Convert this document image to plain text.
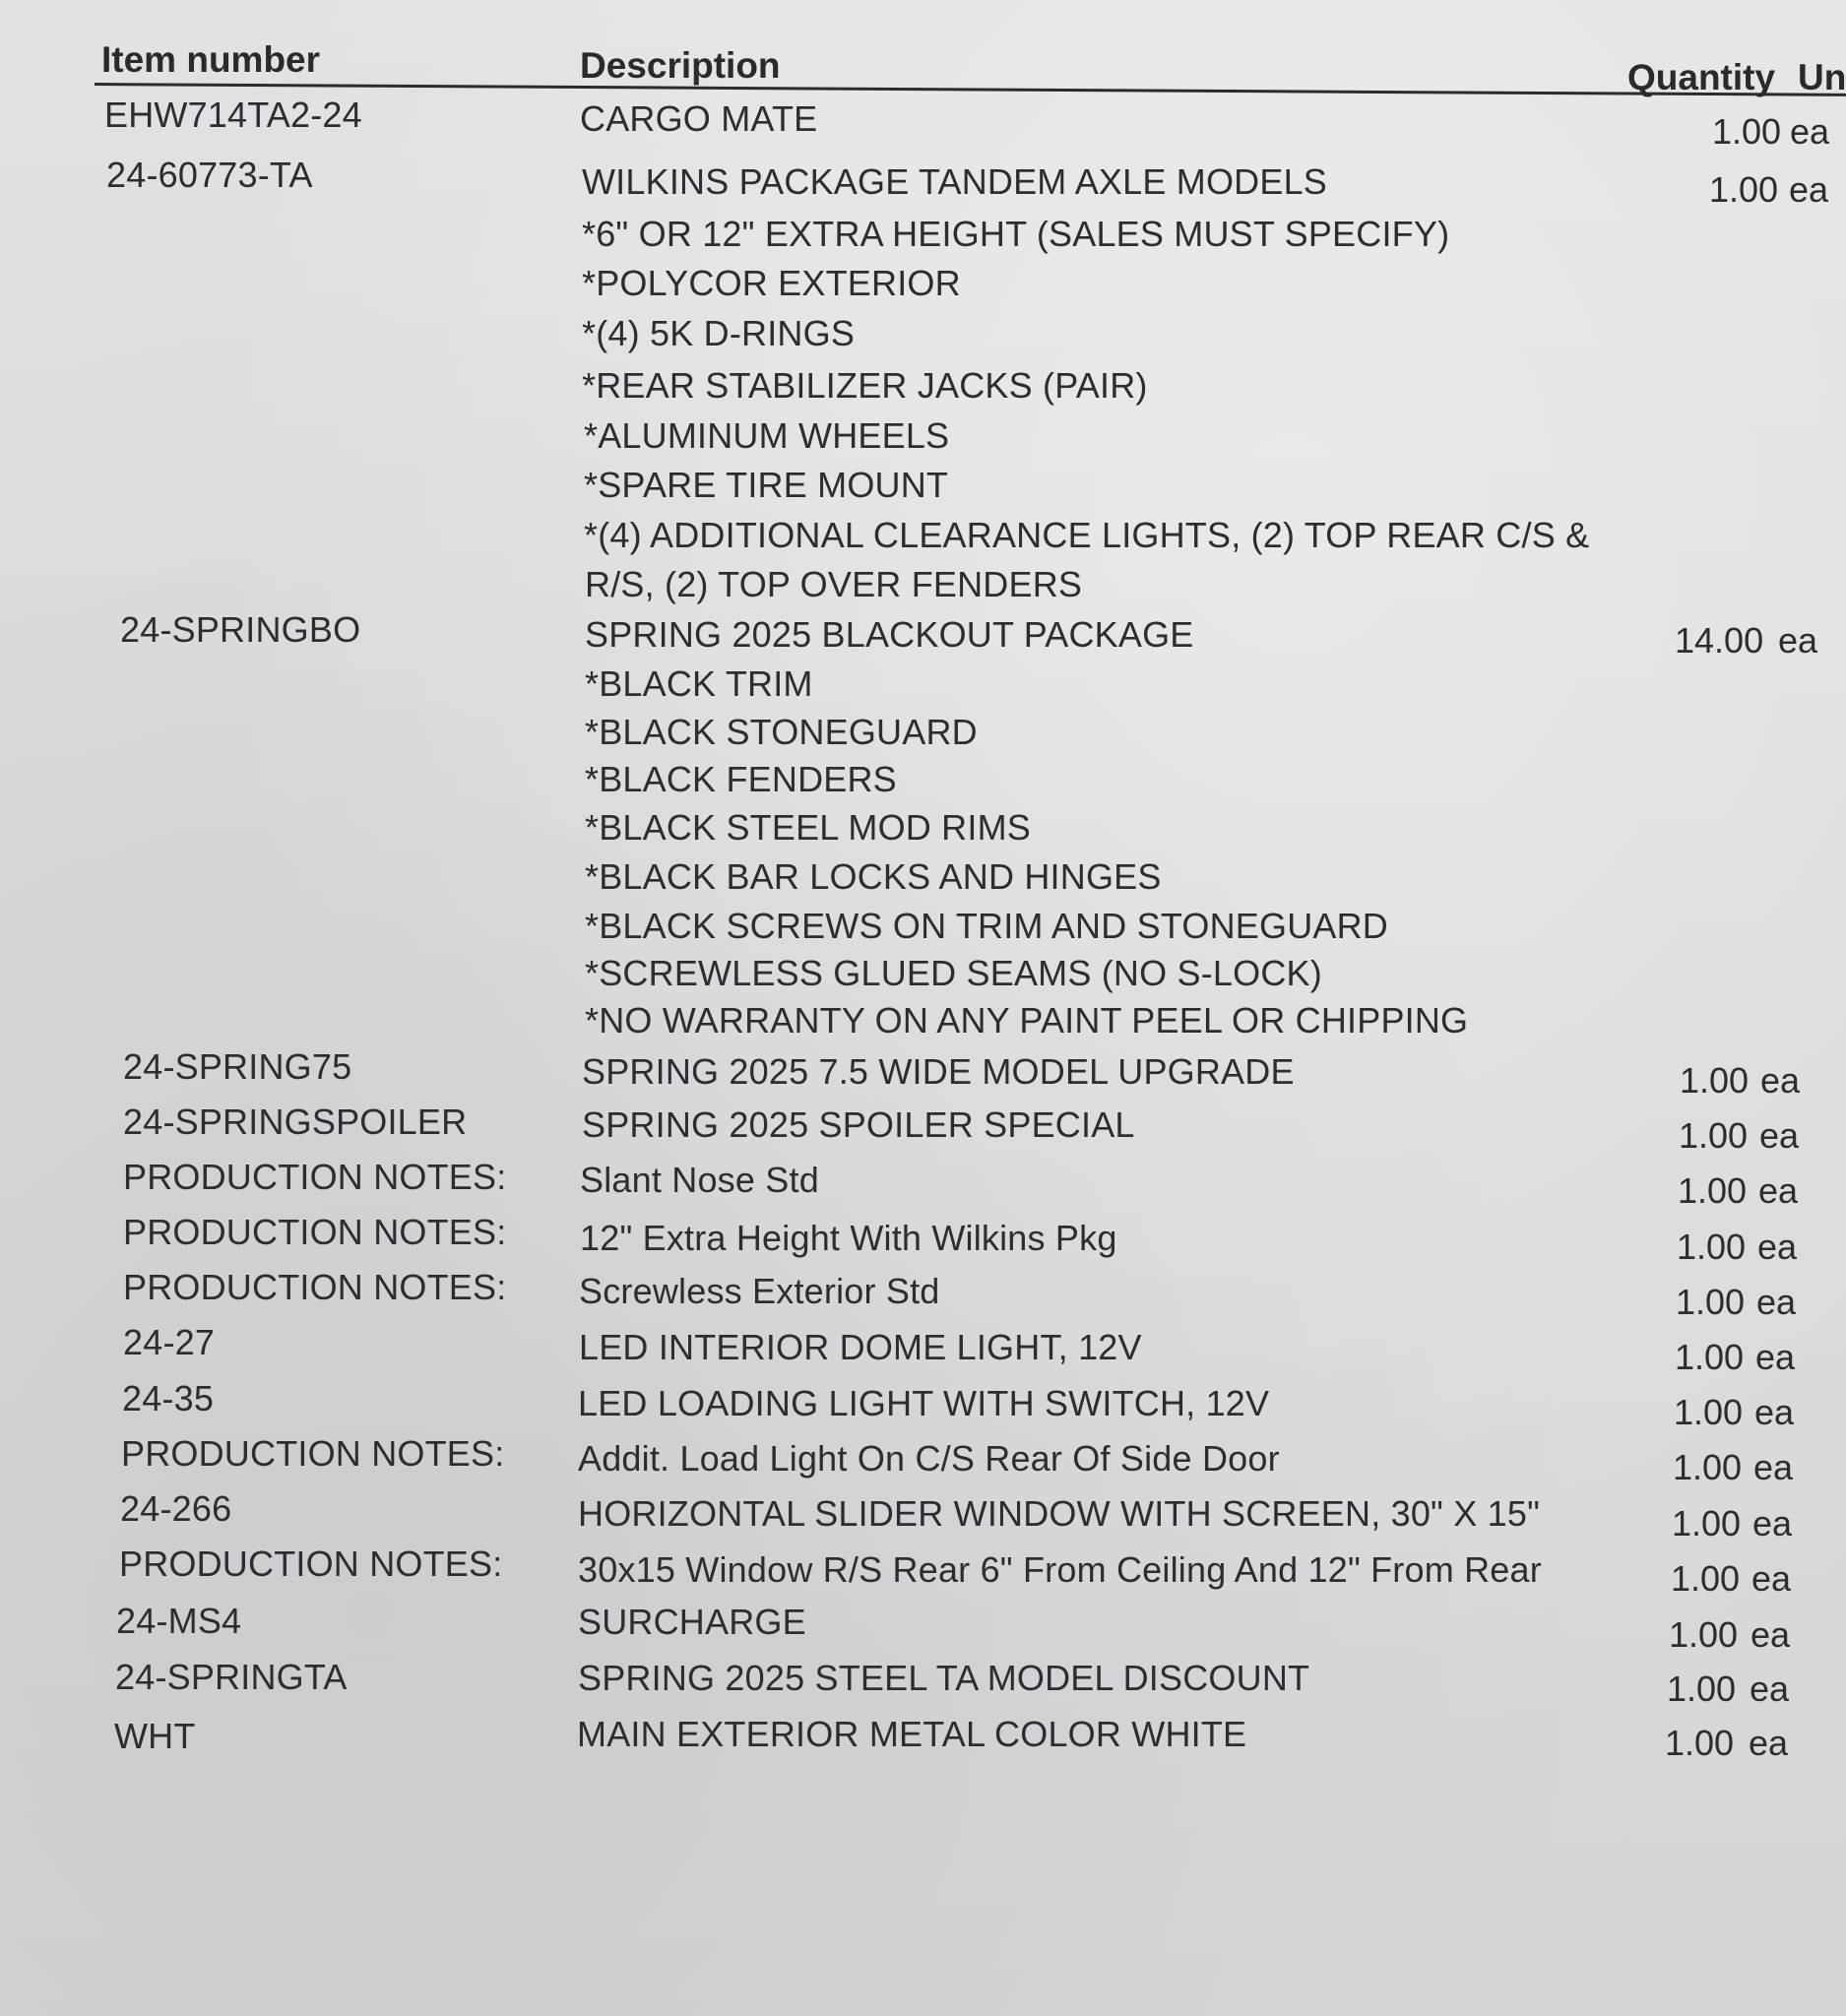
Item number	Description	Quantity Un
EHW714TA2-24	CARGO MATE	1.00 ea
24-60773-TA	WILKINS PACKAGE TANDEM AXLE MODELS	1.00 ea
*6" OR 12" EXTRA HEIGHT (SALES MUST SPECIFY)
*POLYCOR EXTERIOR
*(4) 5K D-RINGS
*REAR STABILIZER JACKS (PAIR)
*ALUMINUM WHEELS
*SPARE TIRE MOUNT
*(4) ADDITIONAL CLEARANCE LIGHTS, (2) TOP REAR C/S &
R/S, (2) TOP OVER FENDERS
24-SPRINGBO	SPRING 2025 BLACKOUT PACKAGE	14.00 ea
*BLACK TRIM
*BLACK STONEGUARD
*BLACK FENDERS
*BLACK STEEL MOD RIMS
*BLACK BAR LOCKS AND HINGES
*BLACK SCREWS ON TRIM AND STONEGUARD
*SCREWLESS GLUED SEAMS (NO S-LOCK)
*NO WARRANTY ON ANY PAINT PEEL OR CHIPPING
24-SPRING75	SPRING 2025 7.5 WIDE MODEL UPGRADE	1.00 ea
24-SPRINGSPOILER	SPRING 2025 SPOILER SPECIAL	1.00 ea
PRODUCTION NOTES: Slant Nose Std	1.00 ea
PRODUCTION NOTES: 12" Extra Height With Wilkins Pkg	1.00 ea
PRODUCTION NOTES: Screwless Exterior Std	1.00 ea
24-27	LED INTERIOR DOME LIGHT, 12V	1.00 ea
24-35	LED LOADING LIGHT WITH SWITCH, 12V	1.00 ea
PRODUCTION NOTES: Addit. Load Light On C/S Rear Of Side Door	1.00 ea
24-266	HORIZONTAL SLIDER WINDOW WITH SCREEN, 30" X 15"	1.00 ea
PRODUCTION NOTES: 30x15 Window R/S Rear 6" From Ceiling And 12" From Rear	1.00 ea
24-MS4	SURCHARGE	1.00 ea
24-SPRINGTA	SPRING 2025 STEEL TA MODEL DISCOUNT	1.00 ea
WHT	MAIN EXTERIOR METAL COLOR WHITE	1.00 ea
